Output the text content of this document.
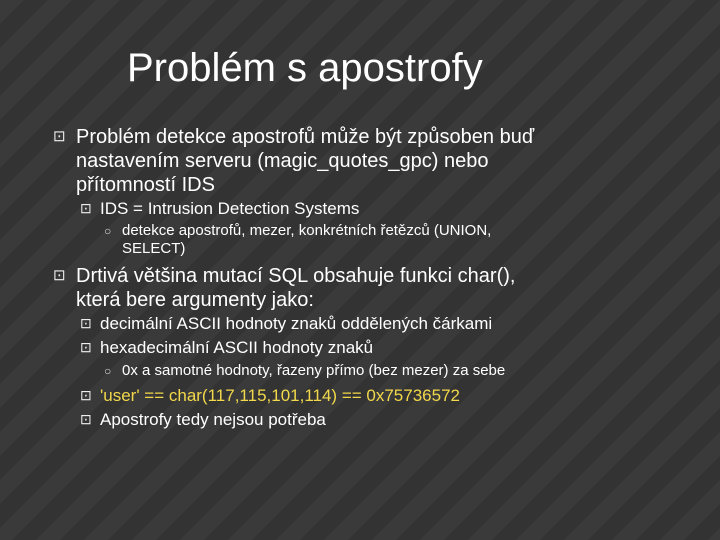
Problém s apostrofy
⊡ Problém detekce apostrofů může být způsoben buď
nastavením serveru (magic_quotes_gpc) nebo
přítomností IDS
⊡ IDS = Intrusion Detection Systems
○ detekce apostrofů, mezer, konkrétních řetězců (UNION,
SELECT)
⊡ Drtivá většina mutací SQL obsahuje funkci char(),
která bere argumenty jako:
⊡ decimální ASCII hodnoty znaků oddělených čárkami
⊡ hexadecimální ASCII hodnoty znaků
○ 0x a samotné hodnoty, řazeny přímo (bez mezer) za sebe
⊡ 'user' == char(117,115,101,114) == 0x75736572
⊡ Apostrofy tedy nejsou potřeba
